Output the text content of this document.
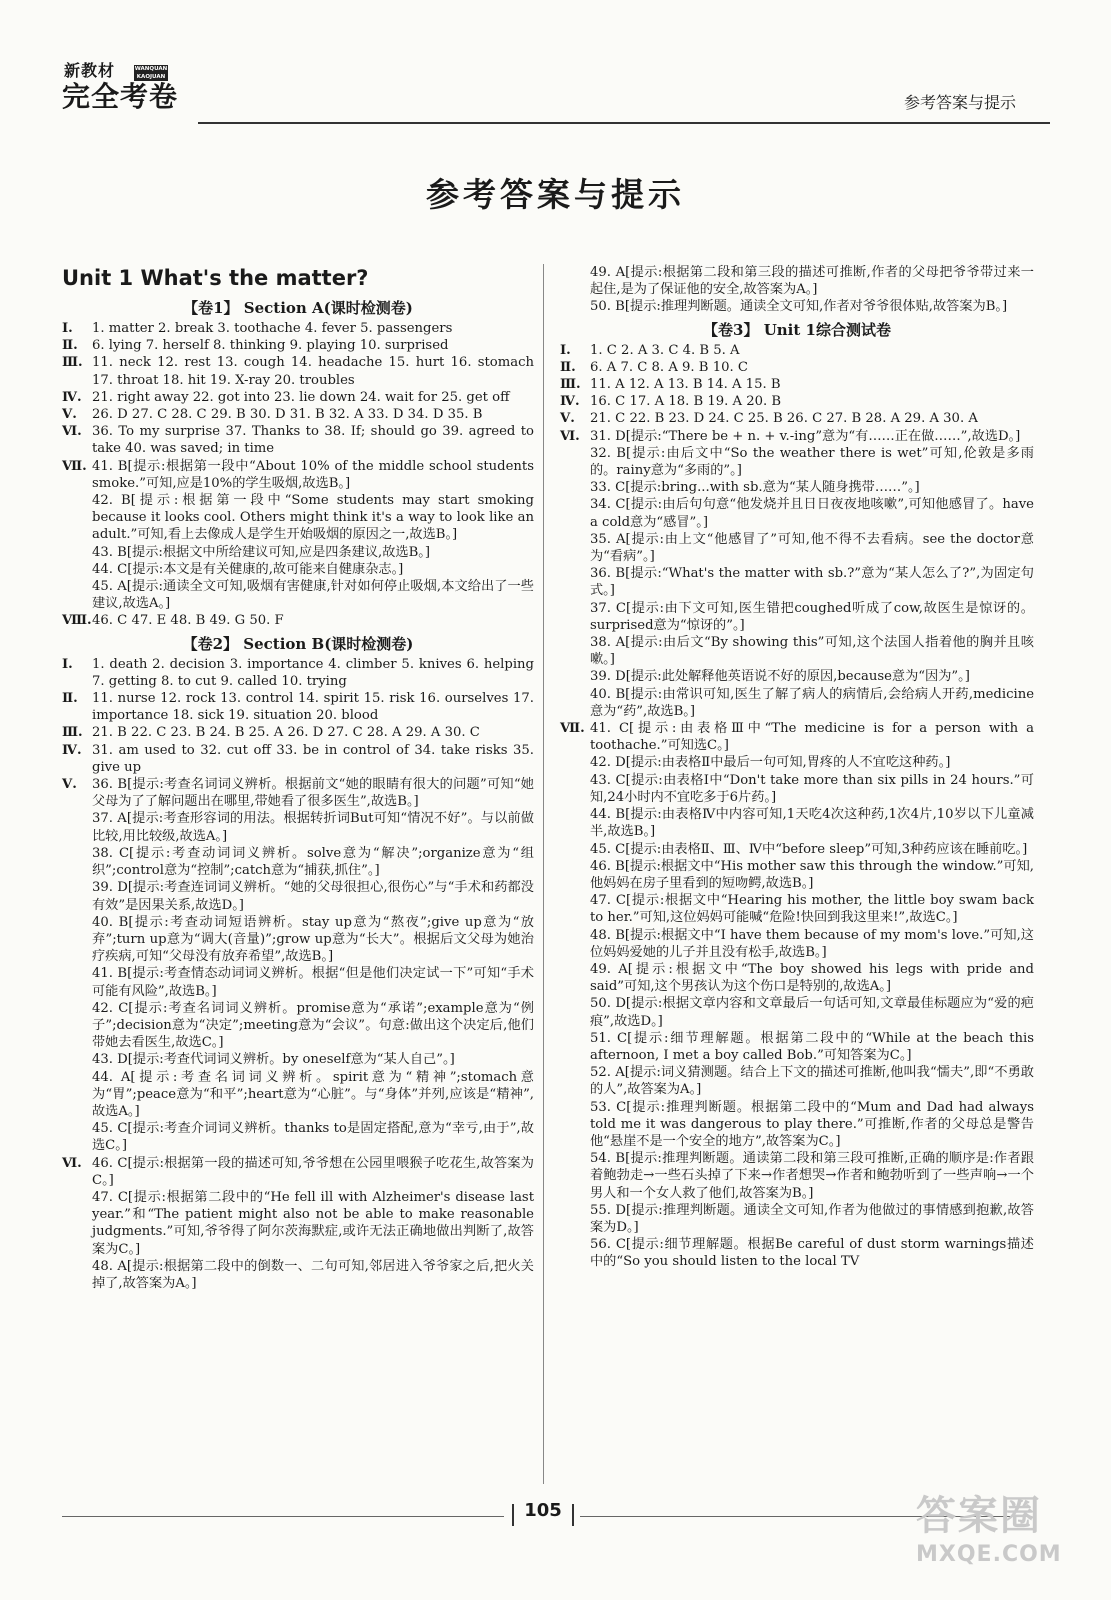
新教材	WANQUAN KAOJUAN
完全考卷	参考答案与提示
参考答案与提示
Unit 1 What's the matter?
【卷1】 Section A(课时检测卷)
Ⅰ.	1. matter 2. break 3. toothache 4. fever 5. passengers
Ⅱ.	6. lying 7. herself 8. thinking 9. playing 10. surprised
Ⅲ. 11. neck 12. rest 13. cough 14. headache 15. hurt 16. stomach 17. throat 18. hit 19. X-ray 20. troubles
Ⅳ. 21. right away 22. got into 23. lie down 24. wait for 25. get off
Ⅴ.	26. D 27. C 28. C 29. B 30. D 31. B 32. A 33. D 34. D 35. B
Ⅵ. 36. To my surprise 37. Thanks to 38. If; should go 39. agreed to take 40. was saved; in time
Ⅶ. 41. B[提示:根据第一段中“About 10% of the middle school students smoke.”可知,应是10%的学生吸烟,故选B。]
42. B[提示:根据第一段中“Some students may start smoking because it looks cool. Others might think it's a way to look like an adult.”可知,看上去像成人是学生开始吸烟的原因之一,故选B。]
43. B[提示:根据文中所给建议可知,应是四条建议,故选B。]
44. C[提示:本文是有关健康的,故可能来自健康杂志。]
45. A[提示:通读全文可知,吸烟有害健康,针对如何停止吸烟,本文给出了一些建议,故选A。]
Ⅷ. 46. C 47. E 48. B 49. G 50. F
【卷2】 Section B(课时检测卷)
Ⅰ.	1. death 2. decision 3. importance 4. climber 5. knives 6. helping 7. getting 8. to cut 9. called 10. trying
Ⅱ.	11. nurse 12. rock 13. control 14. spirit 15. risk 16. ourselves 17. importance 18. sick 19. situation 20. blood
Ⅲ. 21. B 22. C 23. B 24. B 25. A 26. D 27. C 28. A 29. A 30. C
Ⅳ. 31. am used to 32. cut off 33. be in control of 34. take risks 35. give up
Ⅴ.	36. B[提示:考查名词词义辨析。根据前文“她的眼睛有很大的问题”可知“她父母为了了解问题出在哪里,带她看了很多医生”,故选B。]
37. A[提示:考查形容词的用法。根据转折词But可知“情况不好”。与以前做比较,用比较级,故选A。]
38. C[提示:考查动词词义辨析。solve意为“解决”;organize意为“组织”;control意为“控制”;catch意为“捕获,抓住”。]
39. D[提示:考查连词词义辨析。“她的父母很担心,很伤心”与“手术和药都没有效”是因果关系,故选D。]
40. B[提示:考查动词短语辨析。stay up意为“熬夜”;give up意为“放弃”;turn up意为“调大(音量)”;grow up意为“长大”。根据后文父母为她治疗疾病,可知“父母没有放弃希望”,故选B。]
41. B[提示:考查情态动词词义辨析。根据“但是他们决定试一下”可知“手术可能有风险”,故选B。]
42. C[提示:考查名词词义辨析。promise意为“承诺”;example意为“例子”;decision意为“决定”;meeting意为“会议”。句意:做出这个决定后,他们带她去看医生,故选C。]
43. D[提示:考查代词词义辨析。by oneself意为“某人自己”。]
44. A[提示:考查名词词义辨析。spirit意为“精神”;stomach意为“胃”;peace意为“和平”;heart意为“心脏”。与“身体”并列,应该是“精神”,故选A。]
45. C[提示:考查介词词义辨析。thanks to是固定搭配,意为“幸亏,由于”,故选C。]
Ⅵ. 46. C[提示:根据第一段的描述可知,爷爷想在公园里喂猴子吃花生,故答案为C。]
47. C[提示:根据第二段中的“He fell ill with Alzheimer's disease last year.”和“The patient might also not be able to make reasonable judgments.”可知,爷爷得了阿尔茨海默症,或许无法正确地做出判断了,故答案为C。]
48. A[提示:根据第二段中的倒数一、二句可知,邻居进入爷爷家之后,把火关掉了,故答案为A。]
49. A[提示:根据第二段和第三段的描述可推断,作者的父母把爷爷带过来一起住,是为了保证他的安全,故答案为A。]
50. B[提示:推理判断题。通读全文可知,作者对爷爷很体贴,故答案为B。]
【卷3】 Unit 1综合测试卷
Ⅰ.	1. C 2. A 3. C 4. B 5. A
Ⅱ.	6. A 7. C 8. A 9. B 10. C
Ⅲ. 11. A 12. A 13. B 14. A 15. B
Ⅳ. 16. C 17. A 18. B 19. A 20. B
Ⅴ.	21. C 22. B 23. D 24. C 25. B 26. C 27. B 28. A 29. A 30. A
Ⅵ. 31. D[提示:“There be + n. + v.-ing”意为“有……正在做……”,故选D。]
32. B[提示:由后文中“So the weather there is wet”可知,伦敦是多雨的。rainy意为“多雨的”。]
33. C[提示:bring...with sb.意为“某人随身携带……”。]
34. C[提示:由后句句意“他发烧并且日日夜夜地咳嗽”,可知他感冒了。have a cold意为“感冒”。]
35. A[提示:由上文“他感冒了”可知,他不得不去看病。see the doctor意为“看病”。]
36. B[提示:“What's the matter with sb.?”意为“某人怎么了?”,为固定句式。]
37. C[提示:由下文可知,医生错把coughed听成了cow,故医生是惊讶的。surprised意为“惊讶的”。]
38. A[提示:由后文“By showing this”可知,这个法国人指着他的胸并且咳嗽。]
39. D[提示:此处解释他英语说不好的原因,because意为“因为”。]
40. B[提示:由常识可知,医生了解了病人的病情后,会给病人开药,medicine意为“药”,故选B。]
Ⅶ. 41. C[提示:由表格Ⅲ中“The medicine is for a person with a toothache.”可知选C。]
42. D[提示:由表格Ⅱ中最后一句可知,胃疼的人不宜吃这种药。]
43. C[提示:由表格Ⅰ中“Don't take more than six pills in 24 hours.”可知,24小时内不宜吃多于6片药。]
44. B[提示:由表格Ⅳ中内容可知,1天吃4次这种药,1次4片,10岁以下儿童减半,故选B。]
45. C[提示:由表格Ⅱ、Ⅲ、Ⅳ中“before sleep”可知,3种药应该在睡前吃。]
46. B[提示:根据文中“His mother saw this through the window.”可知,他妈妈在房子里看到的短吻鳄,故选B。]
47. C[提示:根据文中“Hearing his mother, the little boy swam back to her.”可知,这位妈妈可能喊“危险!快回到我这里来!”,故选C。]
48. B[提示:根据文中“I have them because of my mom's love.”可知,这位妈妈爱她的儿子并且没有松手,故选B。]
49. A[提示:根据文中“The boy showed his legs with pride and said”可知,这个男孩认为这个伤口是特别的,故选A。]
50. D[提示:根据文章内容和文章最后一句话可知,文章最佳标题应为“爱的疤痕”,故选D。]
51. C[提示:细节理解题。根据第二段中的“While at the beach this afternoon, I met a boy called Bob.”可知答案为C。]
52. A[提示:词义猜测题。结合上下文的描述可推断,他叫我“懦夫”,即“不勇敢的人”,故答案为A。]
53. C[提示:推理判断题。根据第二段中的“Mum and Dad had always told me it was dangerous to play there.”可推断,作者的父母总是警告他“悬崖不是一个安全的地方”,故答案为C。]
54. B[提示:推理判断题。通读第二段和第三段可推断,正确的顺序是:作者跟着鲍勃走→一些石头掉了下来→作者想哭→作者和鲍勃听到了一些声响→一个男人和一个女人救了他们,故答案为B。]
55. D[提示:推理判断题。通读全文可知,作者为他做过的事情感到抱歉,故答案为D。]
56. C[提示:细节理解题。根据Be careful of dust storm warnings描述中的“So you should listen to the local TV
105	答案圈
MXQE.COM
